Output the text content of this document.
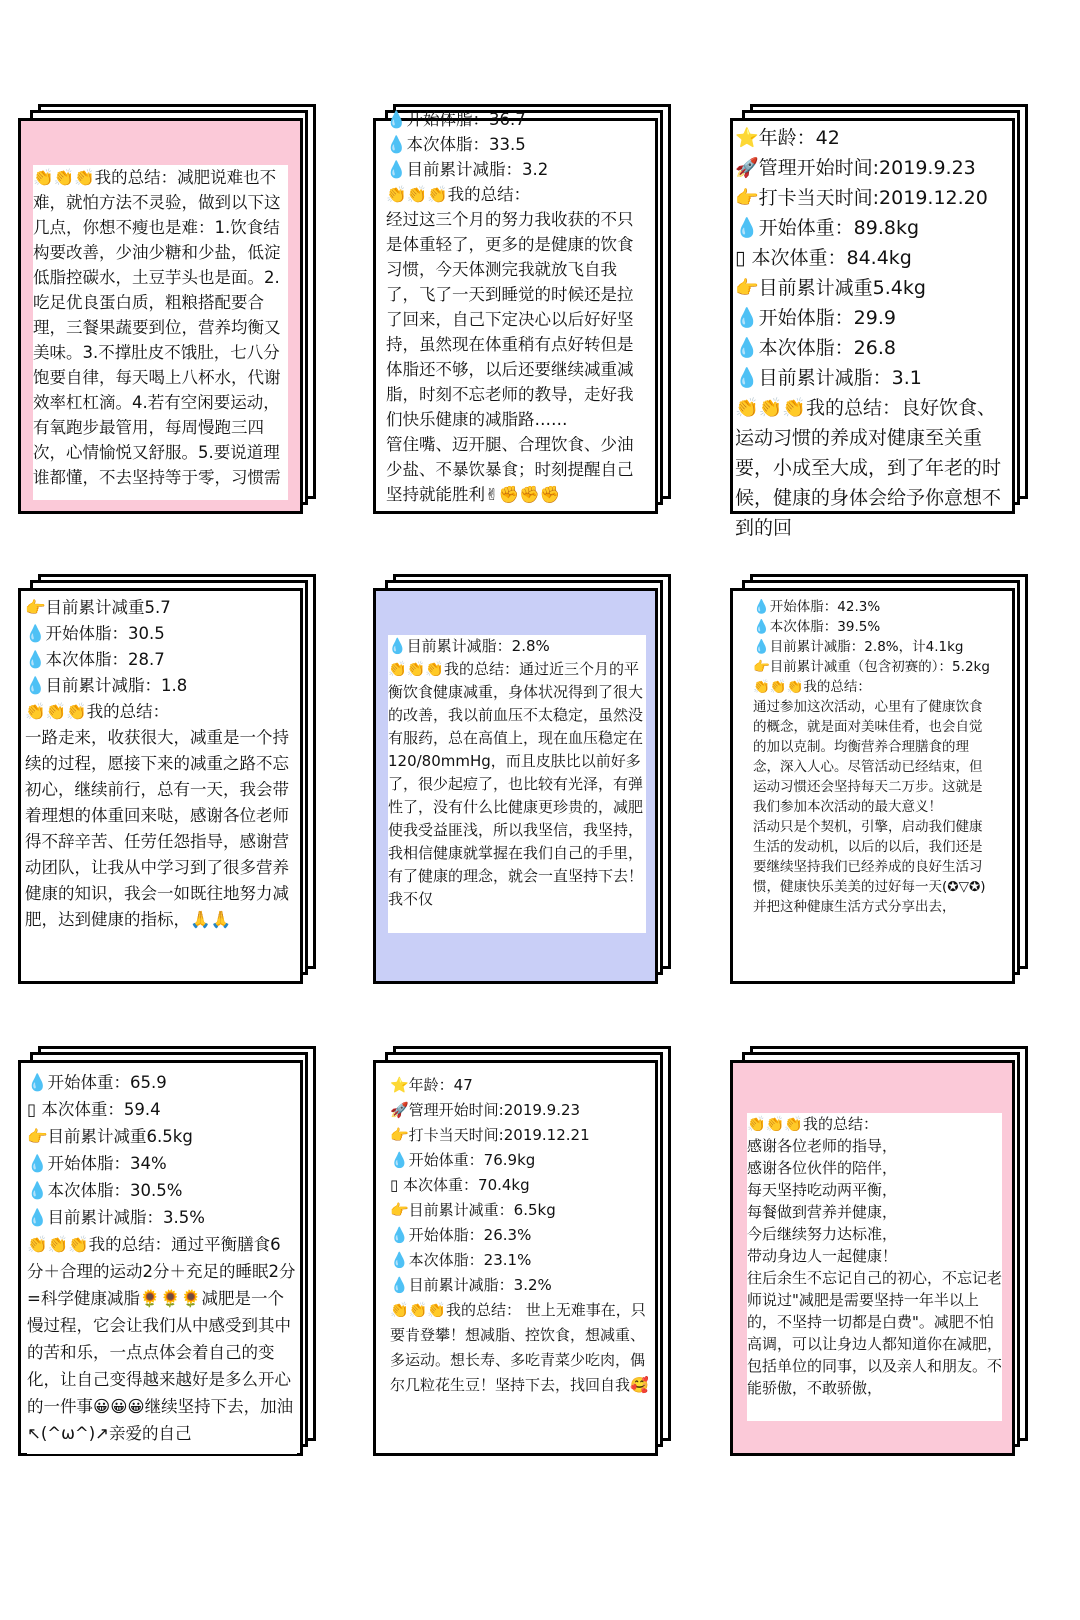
👏👏👏我的总结：减肥说难也不难，就怕方法不灵验，做到以下这几点，你想不瘦也是难：1.饮食结构要改善，少油少糖和少盐，低淀低脂控碳水，土豆芋头也是面。2.吃足优良蛋白质，粗粮搭配要合理，三餐果蔬要到位，营养均衡又美味。3.不撑肚皮不饿肚，七八分饱要自律，每天喝上八杯水，代谢效率杠杠滴。4.若有空闲要运动，有氧跑步最管用，每周慢跑三四次，心情愉悦又舒服。5.要说道理谁都懂，不去坚持等于零，习惯需
💧开始体脂：36.7
💧本次体脂：33.5
💧目前累计减脂：3.2
👏👏👏我的总结：
经过这三个月的努力我收获的不只是体重轻了，更多的是健康的饮食习惯，今天体测完我就放飞自我了，飞了一天到睡觉的时候还是拉了回来，自己下定决心以后好好坚持，虽然现在体重稍有点好转但是体脂还不够，以后还要继续减重减脂，时刻不忘老师的教导，走好我们快乐健康的减脂路……
管住嘴、迈开腿、合理饮食、少油少盐、不暴饮暴食；时刻提醒自己坚持就能胜利✌✊✊✊
⭐年龄：42
🚀管理开始时间:2019.9.23
👉打卡当天时间:2019.12.20
💧开始体重：89.8kg
▯ 本次体重：84.4kg
👉目前累计减重5.4kg
💧开始体脂：29.9
💧本次体脂：26.8
💧目前累计减脂：3.1
👏👏👏我的总结：良好饮食、运动习惯的养成对健康至关重要，小成至大成，到了年老的时候，健康的身体会给予你意想不到的回
👉目前累计减重5.7
💧开始体脂：30.5
💧本次体脂：28.7
💧目前累计减脂：1.8
👏👏👏我的总结：
一路走来，收获很大，减重是一个持续的过程，愿接下来的减重之路不忘初心，继续前行，总有一天，我会带着理想的体重回来哒，感谢各位老师得不辞辛苦、任劳任怨指导，感谢营动团队，让我从中学习到了很多营养健康的知识，我会一如既往地努力减肥，达到健康的指标，🙏🙏
💧目前累计减脂：2.8%
👏👏👏我的总结：通过近三个月的平衡饮食健康减重，身体状况得到了很大的改善，我以前血压不太稳定，虽然没有服药，总在高值上，现在血压稳定在120/80mmHg，而且皮肤比以前好多了，很少起痘了，也比较有光泽，有弹性了，没有什么比健康更珍贵的，减肥使我受益匪浅，所以我坚信，我坚持，我相信健康就掌握在我们自己的手里，有了健康的理念，就会一直坚持下去！我不仅
💧开始体脂：42.3%
💧本次体脂：39.5%
💧目前累计减脂：2.8%，计4.1kg
👉目前累计减重（包含初赛的）：5.2kg
👏👏👏我的总结：
通过参加这次活动，心里有了健康饮食的概念，就是面对美味佳肴，也会自觉的加以克制。均衡营养合理膳食的理念，深入人心。尽管活动已经结束，但运动习惯还会坚持每天二万步。这就是我们参加本次活动的最大意义！
活动只是个契机，引擎，启动我们健康生活的发动机，以后的以后，我们还是要继续坚持我们已经养成的良好生活习惯，健康快乐美美的过好每一天(✪▽✪)
并把这种健康生活方式分享出去，
💧开始体重：65.9
▯ 本次体重：59.4
👉目前累计减重6.5kg
💧开始体脂：34%
💧本次体脂：30.5%
💧目前累计减脂：3.5%
👏👏👏我的总结：通过平衡膳食6分＋合理的运动2分＋充足的睡眠2分=科学健康减脂🌻🌻🌻减肥是一个慢过程，它会让我们从中感受到其中的苦和乐，一点点体会着自己的变化，让自己变得越来越好是多么开心的一件事😀😀😀继续坚持下去，加油↖(^ω^)↗亲爱的自己
⭐年龄：47
🚀管理开始时间:2019.9.23
👉打卡当天时间:2019.12.21
💧开始体重：76.9kg
▯ 本次体重：70.4kg
👉目前累计减重：6.5kg
💧开始体脂：26.3%
💧本次体脂：23.1%
💧目前累计减脂：3.2%
👏👏👏我的总结： 世上无难事在，只要肯登攀！想减脂、控饮食，想减重、多运动。想长寿、多吃青菜少吃肉，偶尔几粒花生豆！坚持下去，找回自我🥰
👏👏👏我的总结：
感谢各位老师的指导，
感谢各位伙伴的陪伴，
每天坚持吃动两平衡，
每餐做到营养并健康，
今后继续努力达标准，
带动身边人一起健康！
往后余生不忘记自己的初心，不忘记老师说过"减肥是需要坚持一年半以上的，不坚持一切都是白费"。减肥不怕高调，可以让身边人都知道你在减肥，包括单位的同事，以及亲人和朋友。不能骄傲，不敢骄傲，
